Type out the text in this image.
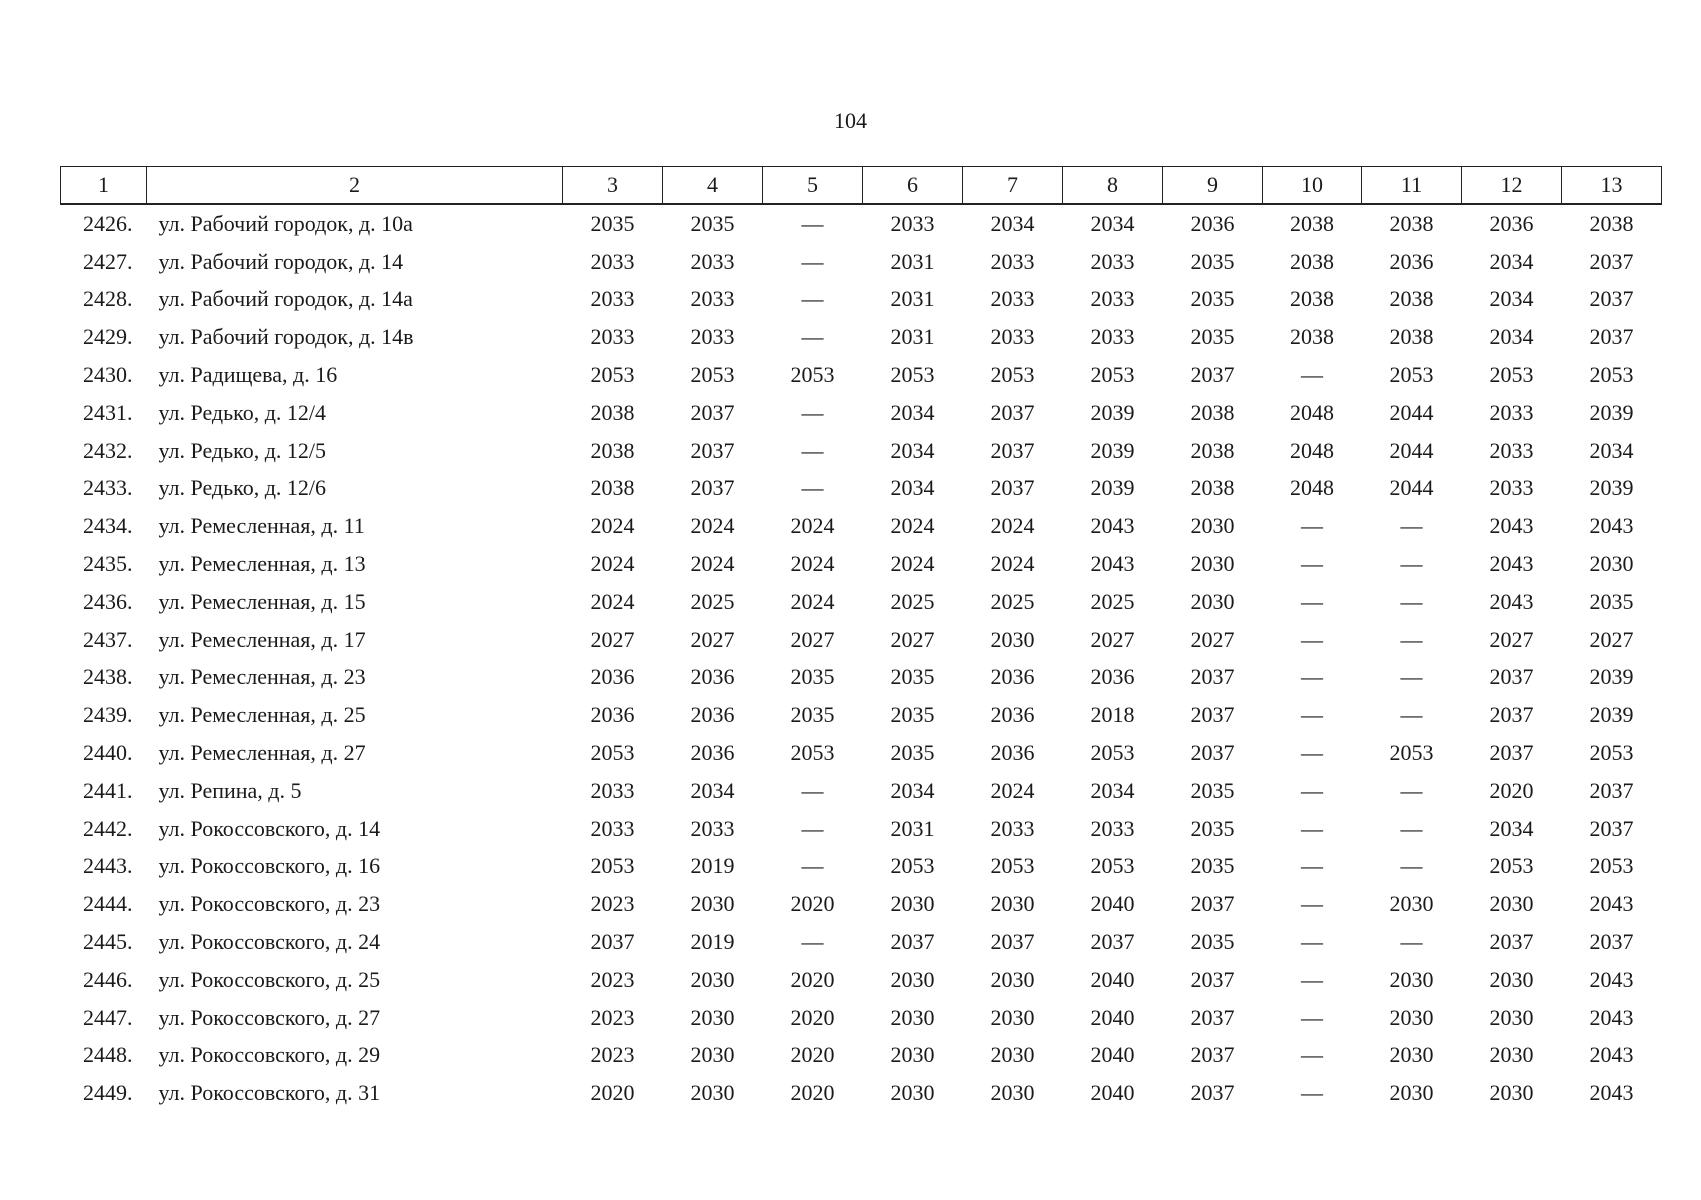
104
1	2	3	4	5	6	7	8	9	10	11	12	13
2426.	ул. Рабочий городок, д. 10а	2035	2035	—	2033	2034	2034	2036	2038	2038	2036	2038
2427.	ул. Рабочий городок, д. 14	2033	2033	—	2031	2033	2033	2035	2038	2036	2034	2037
2428.	ул. Рабочий городок, д. 14а	2033	2033	—	2031	2033	2033	2035	2038	2038	2034	2037
2429.	ул. Рабочий городок, д. 14в	2033	2033	—	2031	2033	2033	2035	2038	2038	2034	2037
2430.	ул. Радищева, д. 16	2053	2053	2053	2053	2053	2053	2037	—	2053	2053	2053
2431.	ул. Редько, д. 12/4	2038	2037	—	2034	2037	2039	2038	2048	2044	2033	2039
2432.	ул. Редько, д. 12/5	2038	2037	—	2034	2037	2039	2038	2048	2044	2033	2034
2433.	ул. Редько, д. 12/6	2038	2037	—	2034	2037	2039	2038	2048	2044	2033	2039
2434.	ул. Ремесленная, д. 11	2024	2024	2024	2024	2024	2043	2030	—	—	2043	2043
2435.	ул. Ремесленная, д. 13	2024	2024	2024	2024	2024	2043	2030	—	—	2043	2030
2436.	ул. Ремесленная, д. 15	2024	2025	2024	2025	2025	2025	2030	—	—	2043	2035
2437.	ул. Ремесленная, д. 17	2027	2027	2027	2027	2030	2027	2027	—	—	2027	2027
2438.	ул. Ремесленная, д. 23	2036	2036	2035	2035	2036	2036	2037	—	—	2037	2039
2439.	ул. Ремесленная, д. 25	2036	2036	2035	2035	2036	2018	2037	—	—	2037	2039
2440.	ул. Ремесленная, д. 27	2053	2036	2053	2035	2036	2053	2037	—	2053	2037	2053
2441.	ул. Репина, д. 5	2033	2034	—	2034	2024	2034	2035	—	—	2020	2037
2442.	ул. Рокоссовского, д. 14	2033	2033	—	2031	2033	2033	2035	—	—	2034	2037
2443.	ул. Рокоссовского, д. 16	2053	2019	—	2053	2053	2053	2035	—	—	2053	2053
2444.	ул. Рокоссовского, д. 23	2023	2030	2020	2030	2030	2040	2037	—	2030	2030	2043
2445.	ул. Рокоссовского, д. 24	2037	2019	—	2037	2037	2037	2035	—	—	2037	2037
2446.	ул. Рокоссовского, д. 25	2023	2030	2020	2030	2030	2040	2037	—	2030	2030	2043
2447.	ул. Рокоссовского, д. 27	2023	2030	2020	2030	2030	2040	2037	—	2030	2030	2043
2448.	ул. Рокоссовского, д. 29	2023	2030	2020	2030	2030	2040	2037	—	2030	2030	2043
2449.	ул. Рокоссовского, д. 31	2020	2030	2020	2030	2030	2040	2037	—	2030	2030	2043
